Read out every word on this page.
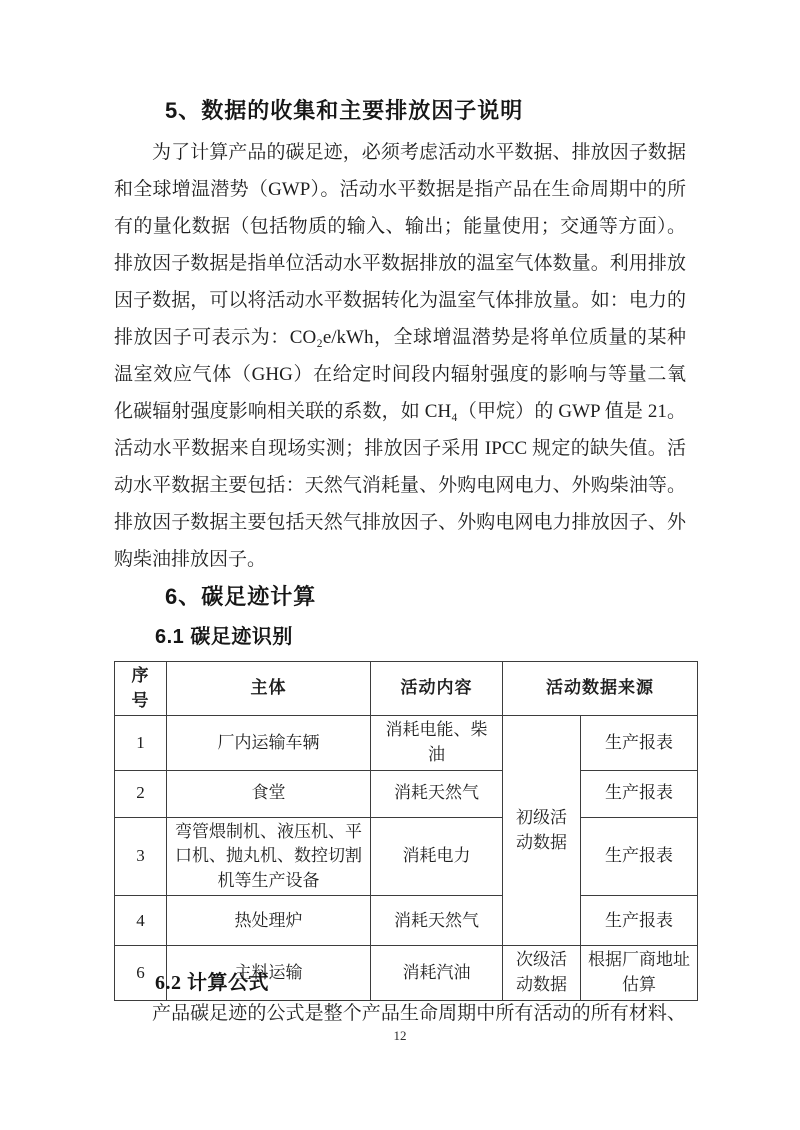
5、数据的收集和主要排放因子说明
为了计算产品的碳足迹，必须考虑活动水平数据、排放因子数据
和全球增温潜势（GWP）。活动水平数据是指产品在生命周期中的所
有的量化数据（包括物质的输入、输出；能量使用；交通等方面）。
排放因子数据是指单位活动水平数据排放的温室气体数量。利用排放
因子数据，可以将活动水平数据转化为温室气体排放量。如：电力的
排放因子可表示为：CO₂e/kWh，全球增温潜势是将单位质量的某种
温室效应气体（GHG）在给定时间段内辐射强度的影响与等量二氧
化碳辐射强度影响相关联的系数，如 CH₄（甲烷）的 GWP 值是 21。
活动水平数据来自现场实测；排放因子采用 IPCC 规定的缺失值。活
动水平数据主要包括：天然气消耗量、外购电网电力、外购柴油等。
排放因子数据主要包括天然气排放因子、外购电网电力排放因子、外
购柴油排放因子。
6、碳足迹计算
6.1 碳足迹识别
序号	主体	活动内容	活动数据来源	
1	厂内运输车辆	消耗电能、柴油	初级活动数据	生产报表
2	食堂	消耗天然气		生产报表
3	弯管煨制机、液压机、平口机、抛丸机、数控切割机等生产设备	消耗电力		生产报表
4	热处理炉	消耗天然气		生产报表
6	主料运输	消耗汽油	次级活动数据	根据厂商地址估算
6.2 计算公式
产品碳足迹的公式是整个产品生命周期中所有活动的所有材料、
12
